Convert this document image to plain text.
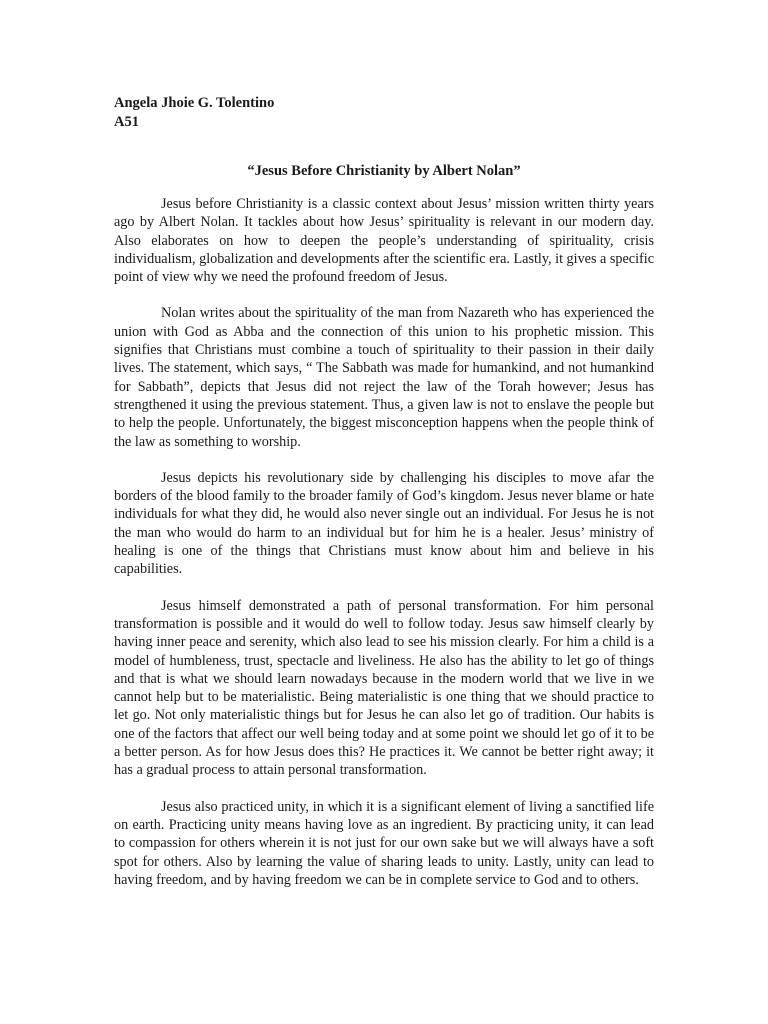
Angela Jhoie G. Tolentino

A51

“Jesus Before Christianity by Albert Nolan”

Jesus before Christianity is a classic context about Jesus’ mission written thirty years ago by Albert Nolan. It tackles about how Jesus’ spirituality is relevant in our modern day. Also elaborates on how to deepen the people’s understanding of spirituality, crisis individualism, globalization and developments after the scientific era. Lastly, it gives a specific point of view why we need the profound freedom of Jesus.

Nolan writes about the spirituality of the man from Nazareth who has experienced the union with God as Abba and the connection of this union to his prophetic mission. This signifies that Christians must combine a touch of spirituality to their passion in their daily lives. The statement, which says, “ The Sabbath was made for humankind, and not humankind for Sabbath”, depicts that Jesus did not reject the law of the Torah however; Jesus has strengthened it using the previous statement. Thus, a given law is not to enslave the people but to help the people. Unfortunately, the biggest misconception happens when the people think of the law as something to worship.

Jesus depicts his revolutionary side by challenging his disciples to move afar the borders of the blood family to the broader family of God’s kingdom. Jesus never blame or hate individuals for what they did, he would also never single out an individual. For Jesus he is not the man who would do harm to an individual but for him he is a healer. Jesus’ ministry of healing is one of the things that Christians must know about him and believe in his capabilities.

Jesus himself demonstrated a path of personal transformation. For him personal transformation is possible and it would do well to follow today. Jesus saw himself clearly by having inner peace and serenity, which also lead to see his mission clearly. For him a child is a model of humbleness, trust, spectacle and liveliness. He also has the ability to let go of things and that is what we should learn nowadays because in the modern world that we live in we cannot help but to be materialistic. Being materialistic is one thing that we should practice to let go. Not only materialistic things but for Jesus he can also let go of tradition. Our habits is one of the factors that affect our well being today and at some point we should let go of it to be a better person. As for how Jesus does this? He practices it. We cannot be better right away; it has a gradual process to attain personal transformation.

Jesus also practiced unity, in which it is a significant element of living a sanctified life on earth. Practicing unity means having love as an ingredient. By practicing unity, it can lead to compassion for others wherein it is not just for our own sake but we will always have a soft spot for others. Also by learning the value of sharing leads to unity. Lastly, unity can lead to having freedom, and by having freedom we can be in complete service to God and to others.
